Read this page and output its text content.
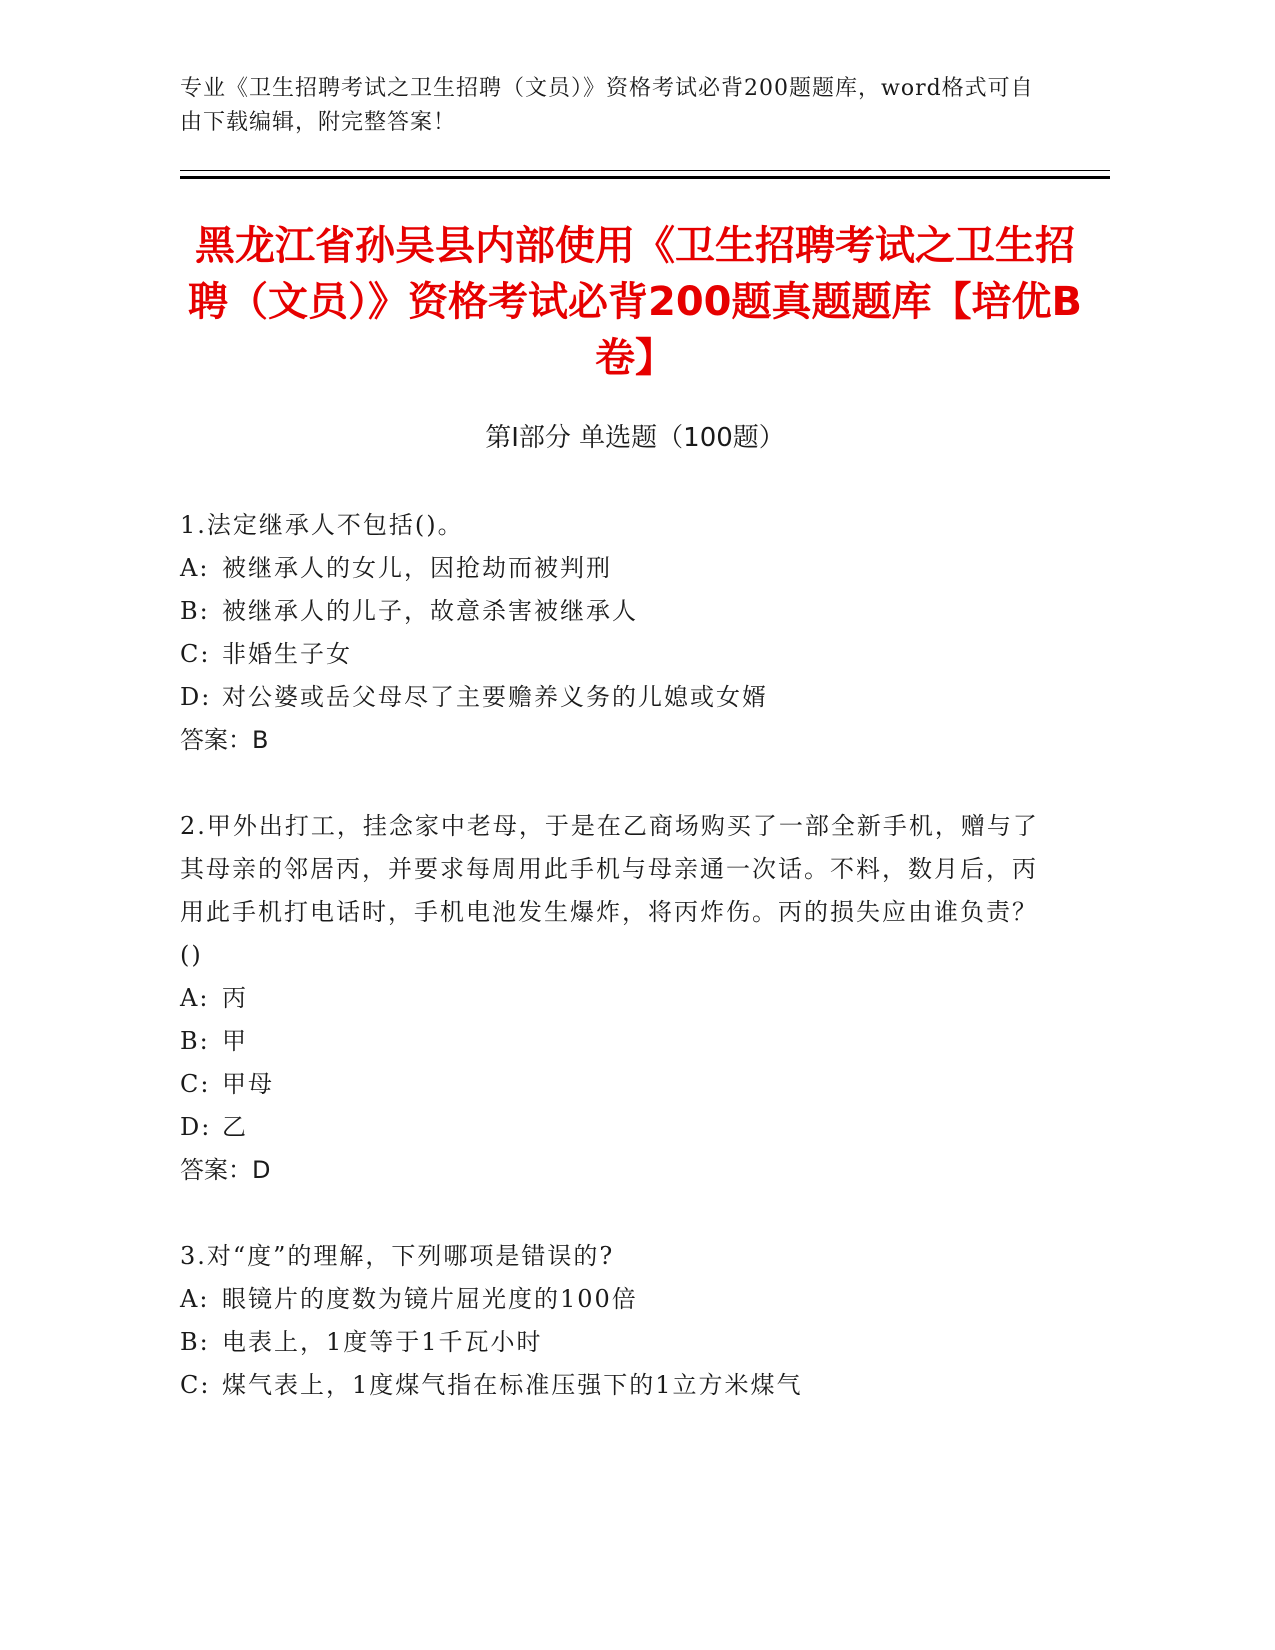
专业《卫生招聘考试之卫生招聘（文员）》资格考试必背200题题库，word格式可自由下载编辑，附完整答案！
黑龙江省孙吴县内部使用《卫生招聘考试之卫生招聘（文员）》资格考试必背200题真题题库【培优B卷】
第I部分 单选题（100题）

1.法定继承人不包括()。

A: 被继承人的女儿，因抢劫而被判刑

B: 被继承人的儿子，故意杀害被继承人

C: 非婚生子女

D: 对公婆或岳父母尽了主要赡养义务的儿媳或女婿

答案：B

2.甲外出打工，挂念家中老母，于是在乙商场购买了一部全新手机，赠与了其母亲的邻居丙，并要求每周用此手机与母亲通一次话。不料，数月后，丙用此手机打电话时，手机电池发生爆炸，将丙炸伤。丙的损失应由谁负责？()

A: 丙

B: 甲

C: 甲母

D: 乙

答案：D

3.对“度”的理解，下列哪项是错误的?

A: 眼镜片的度数为镜片屈光度的100倍

B: 电表上，1度等于1千瓦小时

C: 煤气表上，1度煤气指在标准压强下的1立方米煤气
